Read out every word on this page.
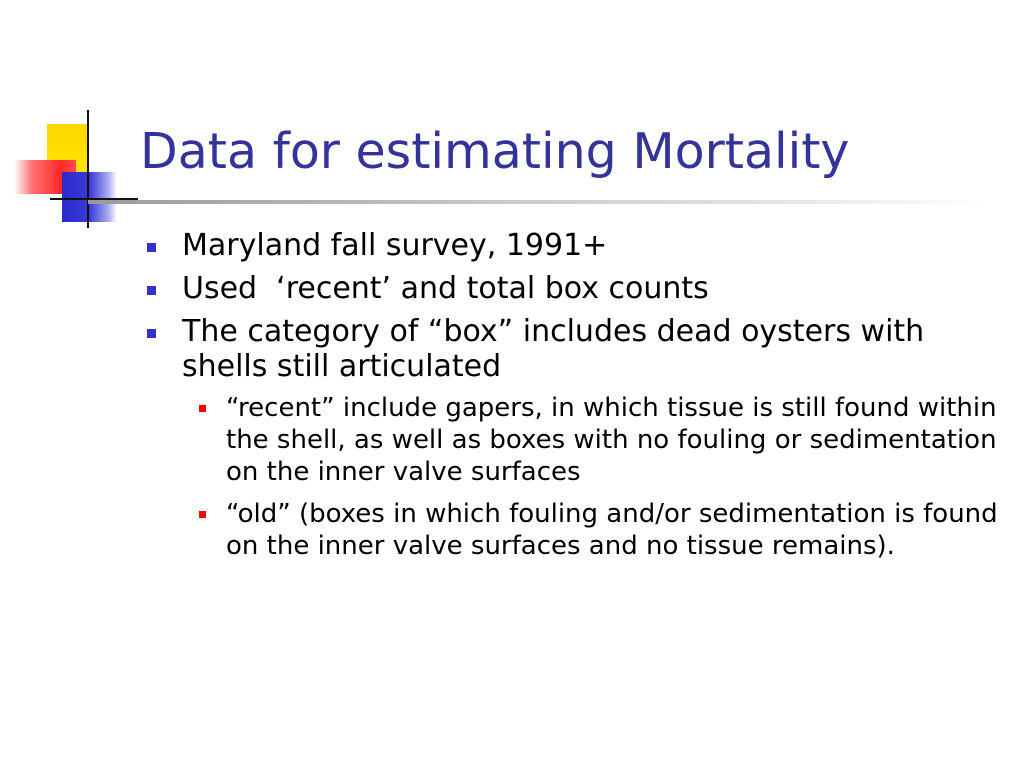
Data for estimating Mortality
Maryland fall survey, 1991+
Used  ‘recent’ and total box counts
The category of “box” includes dead oysters with shells still articulated
“recent” include gapers, in which tissue is still found within the shell, as well as boxes with no fouling or sedimentation on the inner valve surfaces
“old” (boxes in which fouling and/or sedimentation is found on the inner valve surfaces and no tissue remains).
